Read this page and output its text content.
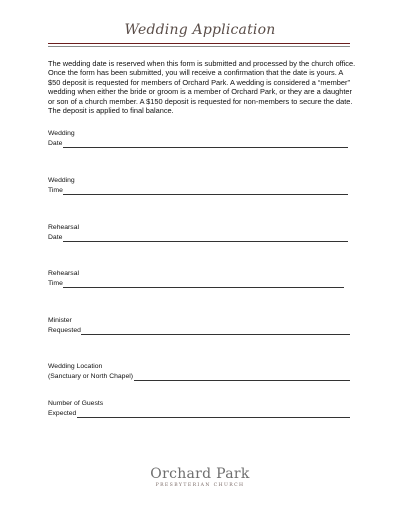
Wedding Application

The wedding date is reserved when this form is submitted and processed by the church office. Once the form has been submitted, you will receive a confirmation that the date is yours. A $50 deposit is requested for members of Orchard Park. A wedding is considered a “member” wedding when either the bride or groom is a member of Orchard Park, or they are a daughter or son of a church member. A $150 deposit is requested for non-members to secure the date. The deposit is applied to final balance.

Wedding
Date
Wedding
Time
Rehearsal
Date
Rehearsal
Time
Minister
Requested
Wedding Location
(Sanctuary or North Chapel)
Number of Guests
Expected
Orchard Park
PRESBYTERIAN CHURCH
